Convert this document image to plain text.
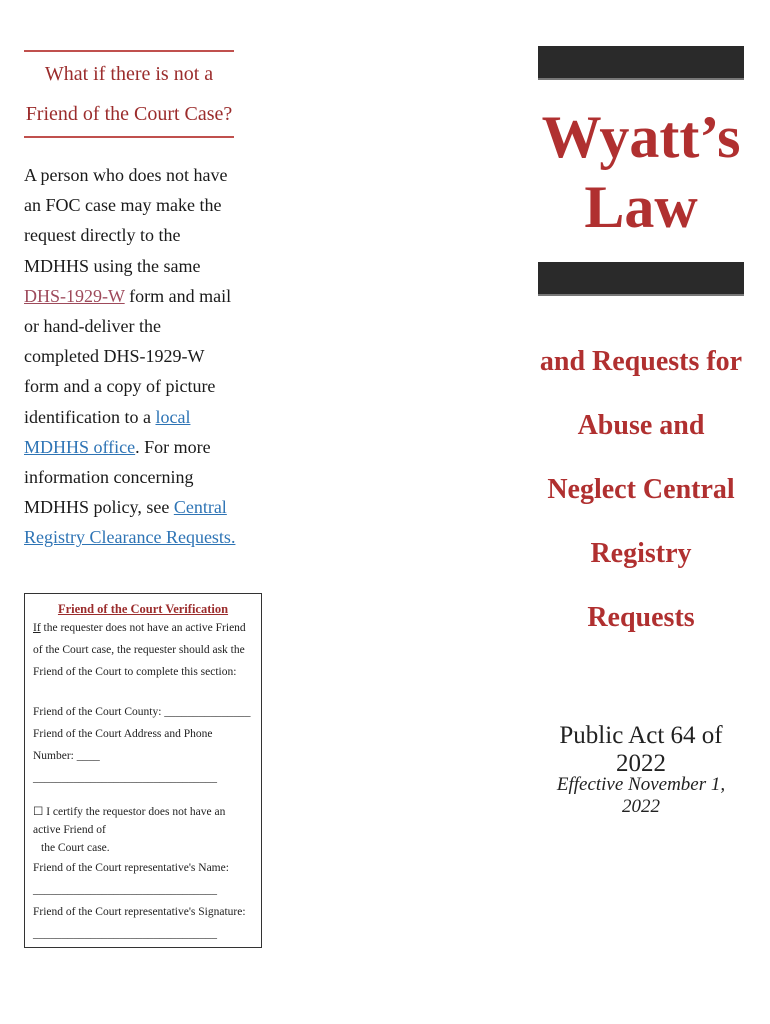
What if there is not a
Friend of the Court Case?
A person who does not have an FOC case may make the request directly to the MDHHS using the same DHS-1929-W form and mail or hand-deliver the completed DHS-1929-W form and a copy of picture identification to a local MDHHS office. For more information concerning MDHHS policy, see Central Registry Clearance Requests.
Friend of the Court Verification
If the requester does not have an active Friend of the Court case, the requester should ask the Friend of the Court to complete this section:
Friend of the Court County: _______________
Friend of the Court Address and Phone Number: ____
________________________________
☐ I certify the requestor does not have an active Friend of
the Court case.
Friend of the Court representative's Name:
________________________________
Friend of the Court representative's Signature:
________________________________
Wyatt’s
Law
and Requests for
Abuse and
Neglect Central
Registry
Requests
Public Act 64 of 2022
Effective November 1, 2022
